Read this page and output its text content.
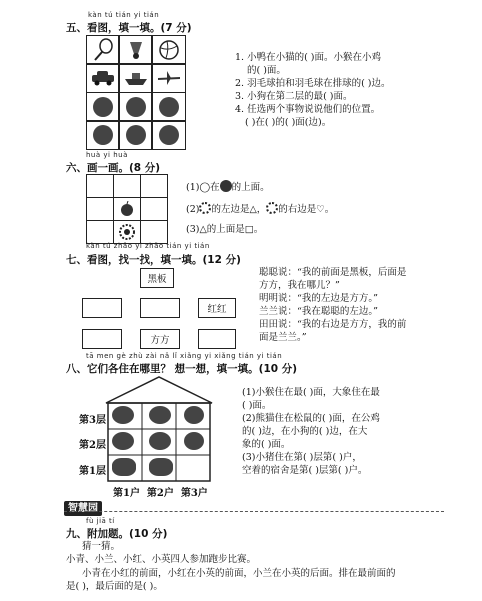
kàn tú tián yi tián
五、看图，填一填。(7 分)
1. 小鸭在小猫的( )面。小猴在小鸡
的( )面。
2. 羽毛球拍和羽毛球在排球的( )边。
3. 小狗在第二层的最( )面。
4. 任选两个事物说说他们的位置。
( )在( )的( )面(边)。
huà yi huà
六、画一画。(8 分)
(1)◯在 的上面。
(2) 的左边是△， 的右边是♡。
(3)△的上面是□。
kàn tú zhǎo yi zhǎo tián yi tián
七、看图，找一找，填一填。(12 分)
黑板
红红
方方
聪聪说：“我的前面是黑板，后面是
方方，我在哪儿？”
明明说：“我的左边是方方。”
兰兰说：“我在聪聪的左边。”
田田说：“我的右边是方方，我的前
面是兰兰。”
tā men gè zhù zài nǎ lǐ xiǎng yi xiǎng tián yi tián
八、它们各住在哪里？ 想一想，填一填。(10 分)
第3层
第2层
第1层
第1户  第2户  第3户
(1)小猴住在最( )面，大象住在最
( )面。
(2)熊猫住在松鼠的( )面，在公鸡
的( )边，在小狗的( )边，在大
象的( )面。
(3)小猪住在第( )层第( )户，
空着的宿舍是第( )层第( )户。
智慧园
fù jiā tí
九、附加题。(10 分)
猜一猜。
小青、小兰、小红、小英四人参加跑步比赛。
小青在小红的前面，小红在小英的前面，小兰在小英的后面。排在最前面的
是( )，最后面的是( )。
